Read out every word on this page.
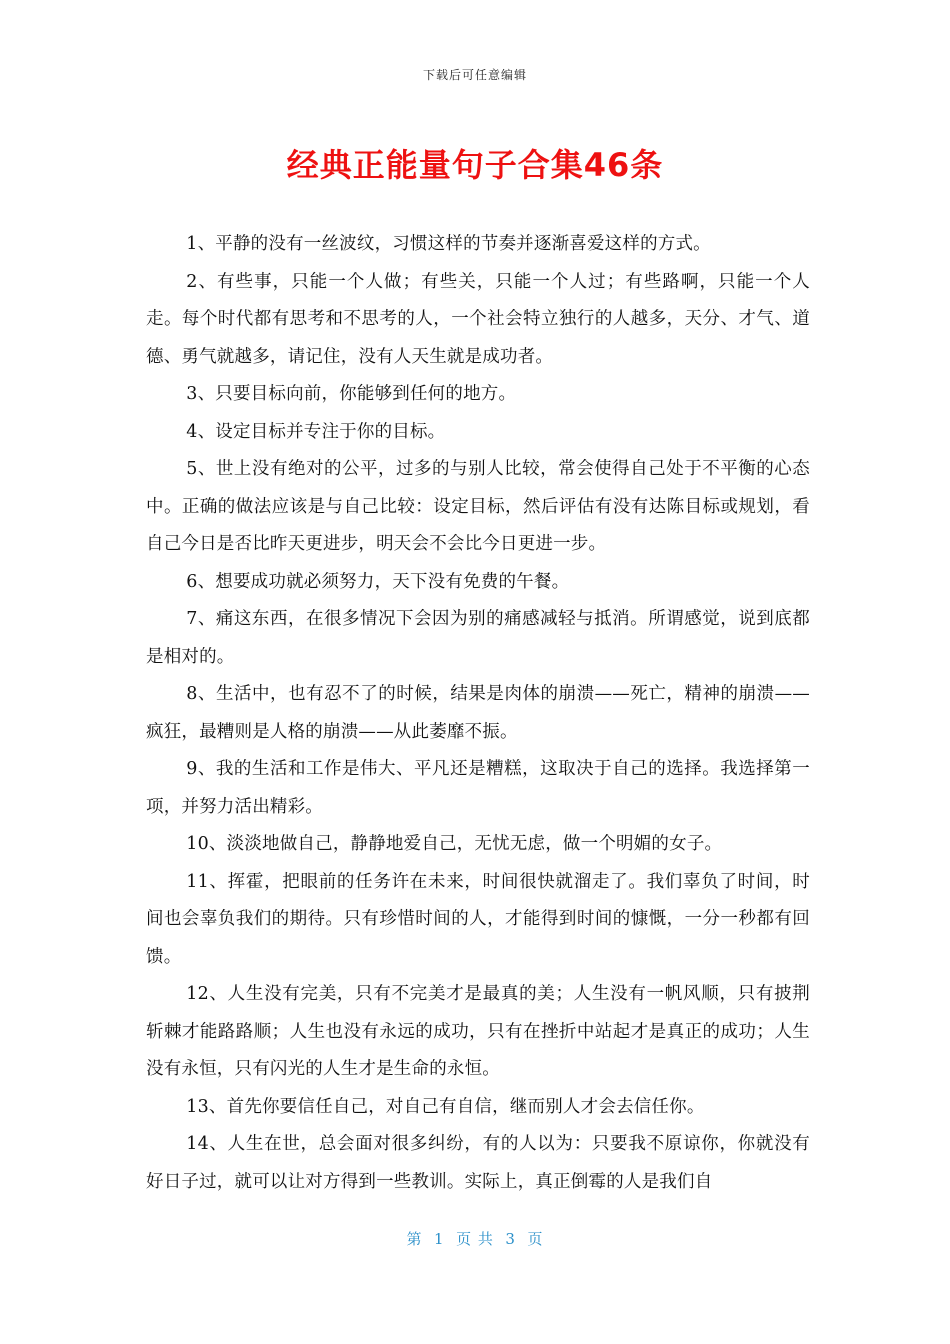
下载后可任意编辑
经典正能量句子合集46条

1、平静的没有一丝波纹，习惯这样的节奏并逐渐喜爱这样的方式。

2、有些事，只能一个人做；有些关，只能一个人过；有些路啊，只能一个人走。每个时代都有思考和不思考的人，一个社会特立独行的人越多，天分、才气、道德、勇气就越多，请记住，没有人天生就是成功者。

3、只要目标向前，你能够到任何的地方。

4、设定目标并专注于你的目标。

5、世上没有绝对的公平，过多的与别人比较，常会使得自己处于不平衡的心态中。正确的做法应该是与自己比较：设定目标，然后评估有没有达陈目标或规划，看自己今日是否比昨天更进步，明天会不会比今日更进一步。

6、想要成功就必须努力，天下没有免费的午餐。

7、痛这东西，在很多情况下会因为别的痛感减轻与抵消。所谓感觉，说到底都是相对的。

8、生活中，也有忍不了的时候，结果是肉体的崩溃——死亡，精神的崩溃——疯狂，最糟则是人格的崩溃——从此萎靡不振。

9、我的生活和工作是伟大、平凡还是糟糕，这取决于自己的选择。我选择第一项，并努力活出精彩。

10、淡淡地做自己，静静地爱自己，无忧无虑，做一个明媚的女子。

11、挥霍，把眼前的任务许在未来，时间很快就溜走了。我们辜负了时间，时间也会辜负我们的期待。只有珍惜时间的人，才能得到时间的慷慨，一分一秒都有回馈。

12、人生没有完美，只有不完美才是最真的美；人生没有一帆风顺，只有披荆斩棘才能路路顺；人生也没有永远的成功，只有在挫折中站起才是真正的成功；人生没有永恒，只有闪光的人生才是生命的永恒。

13、首先你要信任自己，对自己有自信，继而别人才会去信任你。

14、人生在世，总会面对很多纠纷，有的人以为：只要我不原谅你，你就没有好日子过，就可以让对方得到一些教训。实际上，真正倒霉的人是我们自

第  1  页 共  3  页
